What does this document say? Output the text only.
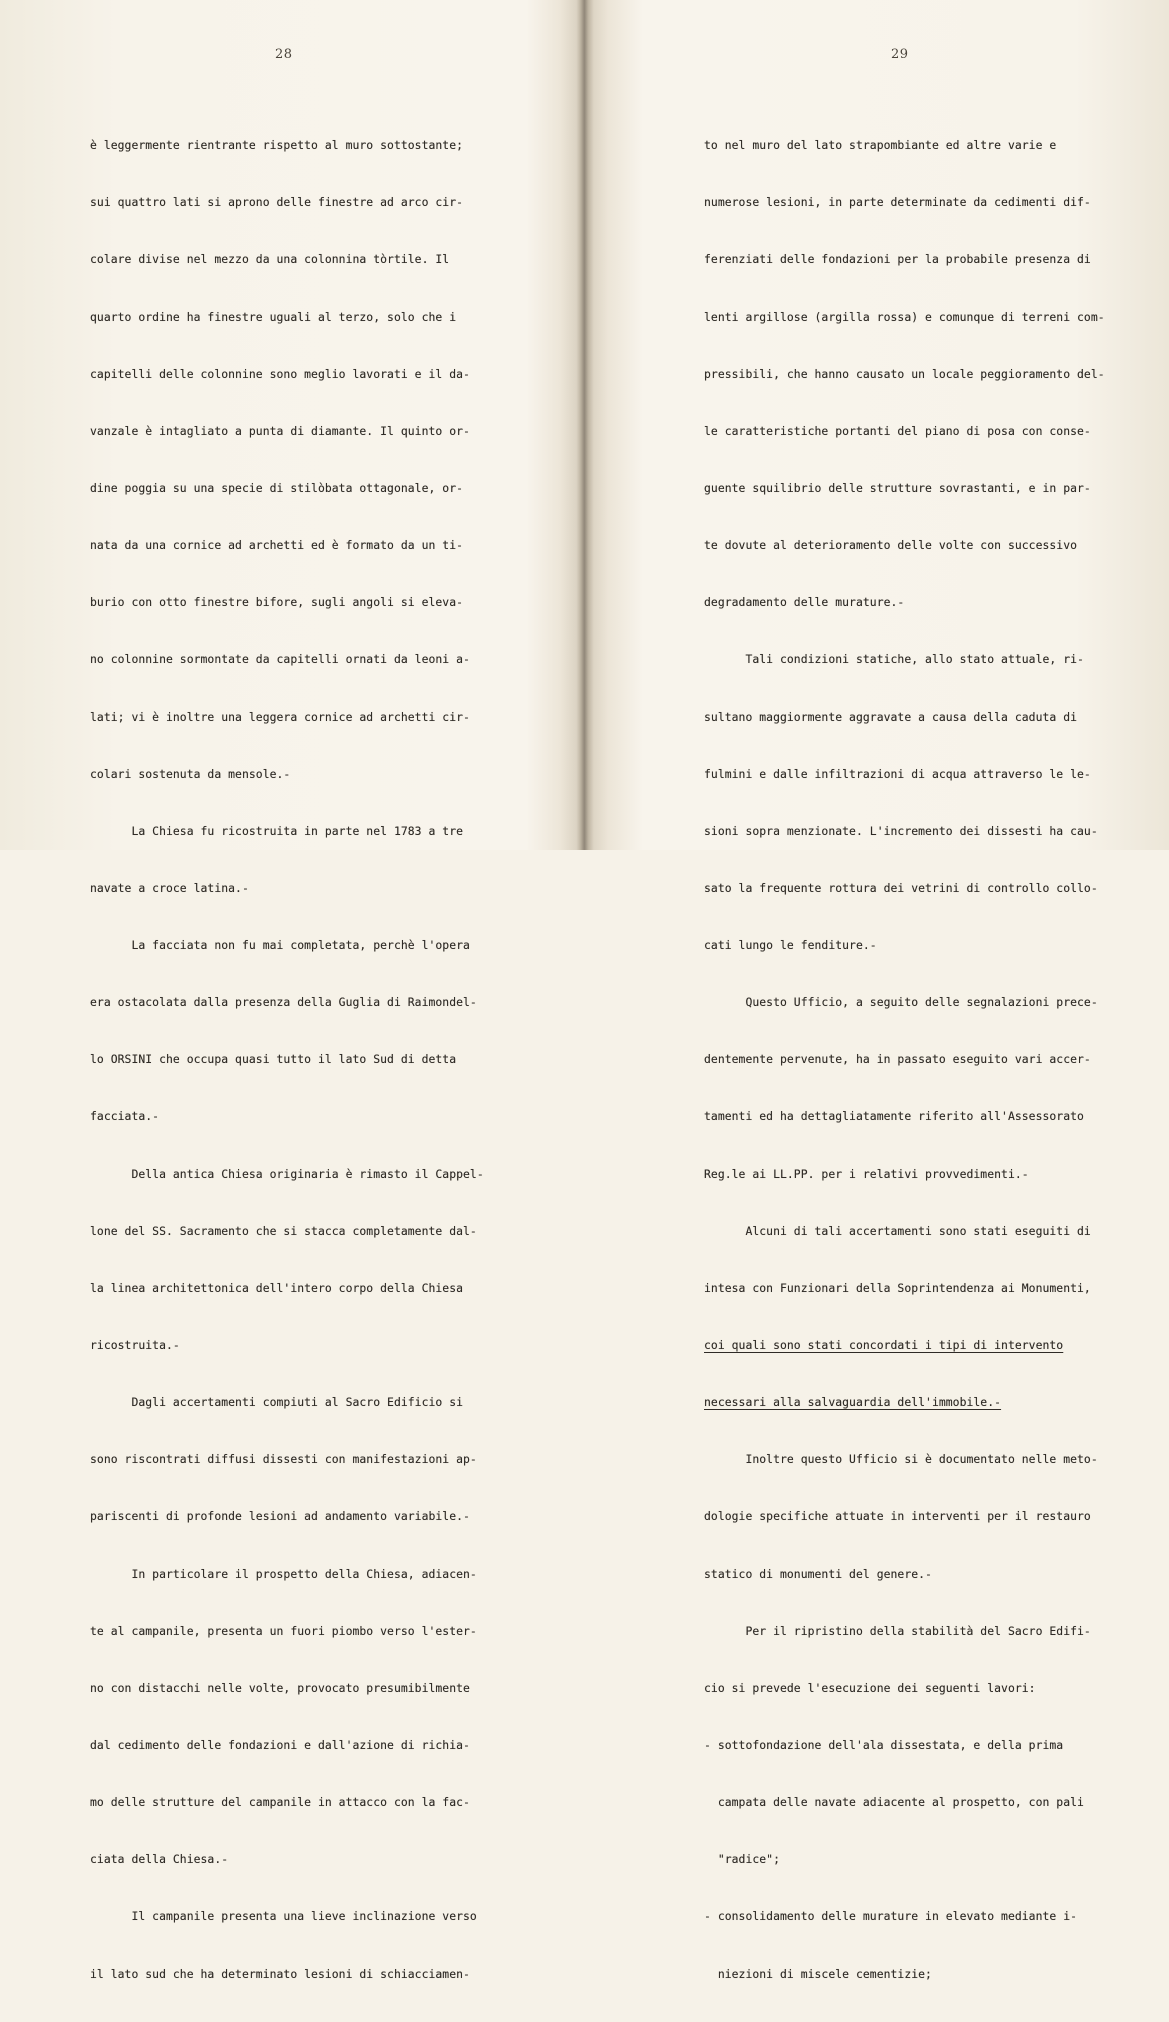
28

è leggermente rientrante rispetto al muro sottostante;

sui quattro lati si aprono delle finestre ad arco cir-

colare divise nel mezzo da una colonnina tòrtile. Il

quarto ordine ha finestre uguali al terzo, solo che i

capitelli delle colonnine sono meglio lavorati e il da-

vanzale è intagliato a punta di diamante. Il quinto or-

dine poggia su una specie di stilòbata ottagonale, or-

nata da una cornice ad archetti ed è formato da un ti-

burio con otto finestre bifore, sugli angoli si eleva-

no colonnine sormontate da capitelli ornati da leoni a-

lati; vi è inoltre una leggera cornice ad archetti cir-

colari sostenuta da mensole.-

La Chiesa fu ricostruita in parte nel 1783 a tre

navate a croce latina.-

La facciata non fu mai completata, perchè l'opera

era ostacolata dalla presenza della Guglia di Raimondel-

lo ORSINI che occupa quasi tutto il lato Sud di detta

facciata.-

Della antica Chiesa originaria è rimasto il Cappel-

lone del SS. Sacramento che si stacca completamente dal-

la linea architettonica dell'intero corpo della Chiesa

ricostruita.-

Dagli accertamenti compiuti al Sacro Edificio si

sono riscontrati diffusi dissesti con manifestazioni ap-

pariscenti di profonde lesioni ad andamento variabile.-

In particolare il prospetto della Chiesa, adiacen-

te al campanile, presenta un fuori piombo verso l'ester-

no con distacchi nelle volte, provocato presumibilmente

dal cedimento delle fondazioni e dall'azione di richia-

mo delle strutture del campanile in attacco con la fac-

ciata della Chiesa.-

Il campanile presenta una lieve inclinazione verso

il lato sud che ha determinato lesioni di schiacciamen-

29

to nel muro del lato strapombiante ed altre varie e

numerose lesioni, in parte determinate da cedimenti dif-

ferenziati delle fondazioni per la probabile presenza di

lenti argillose (argilla rossa) e comunque di terreni com-

pressibili, che hanno causato un locale peggioramento del-

le caratteristiche portanti del piano di posa con conse-

guente squilibrio delle strutture sovrastanti, e in par-

te dovute al deterioramento delle volte con successivo

degradamento delle murature.-

Tali condizioni statiche, allo stato attuale, ri-

sultano maggiormente aggravate a causa della caduta di

fulmini e dalle infiltrazioni di acqua attraverso le le-

sioni sopra menzionate. L'incremento dei dissesti ha cau-

sato la frequente rottura dei vetrini di controllo collo-

cati lungo le fenditure.-

Questo Ufficio, a seguito delle segnalazioni prece-

dentemente pervenute, ha in passato eseguito vari accer-

tamenti ed ha dettagliatamente riferito all'Assessorato

Reg.le ai LL.PP. per i relativi provvedimenti.-

Alcuni di tali accertamenti sono stati eseguiti di

intesa con Funzionari della Soprintendenza ai Monumenti,

coi quali sono stati concordati i tipi di intervento

necessari alla salvaguardia dell'immobile.-

Inoltre questo Ufficio si è documentato nelle meto-

dologie specifiche attuate in interventi per il restauro

statico di monumenti del genere.-

Per il ripristino della stabilità del Sacro Edifi-

cio si prevede l'esecuzione dei seguenti lavori:

- sottofondazione dell'ala dissestata, e della prima

campata delle navate adiacente al prospetto, con pali

"radice";

- consolidamento delle murature in elevato mediante i-

niezioni di miscele cementizie;
